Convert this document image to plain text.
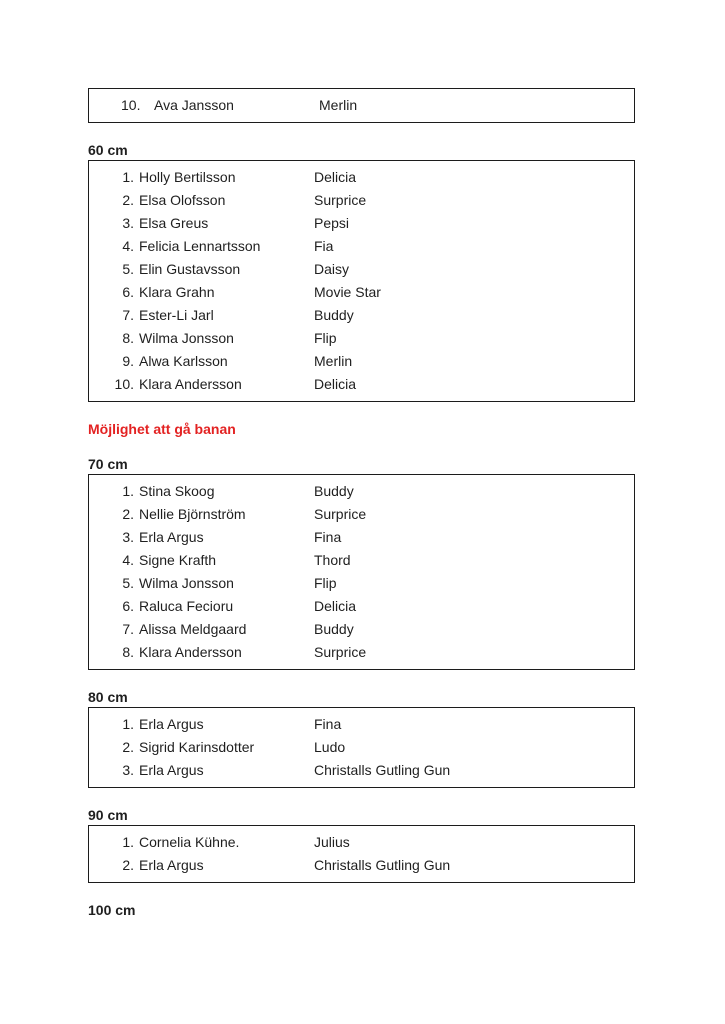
10. Ava Jansson	Merlin
60 cm
1. Holly Bertilsson	Delicia
2. Elsa Olofsson	Surprice
3. Elsa Greus	Pepsi
4. Felicia Lennartsson	Fia
5. Elin Gustavsson	Daisy
6. Klara Grahn	Movie Star
7. Ester-Li Jarl	Buddy
8. Wilma Jonsson	Flip
9. Alwa Karlsson	Merlin
10. Klara Andersson	Delicia
Möjlighet att gå banan
70 cm
1. Stina Skoog	Buddy
2. Nellie Björnström	Surprice
3. Erla Argus	Fina
4. Signe Krafth	Thord
5. Wilma Jonsson	Flip
6. Raluca Fecioru	Delicia
7. Alissa Meldgaard	Buddy
8. Klara Andersson	Surprice
80 cm
1. Erla Argus	Fina
2. Sigrid Karinsdotter	Ludo
3. Erla Argus	Christalls Gutling Gun
90 cm
1. Cornelia Kühne.	Julius
2. Erla Argus	Christalls Gutling Gun
100 cm
